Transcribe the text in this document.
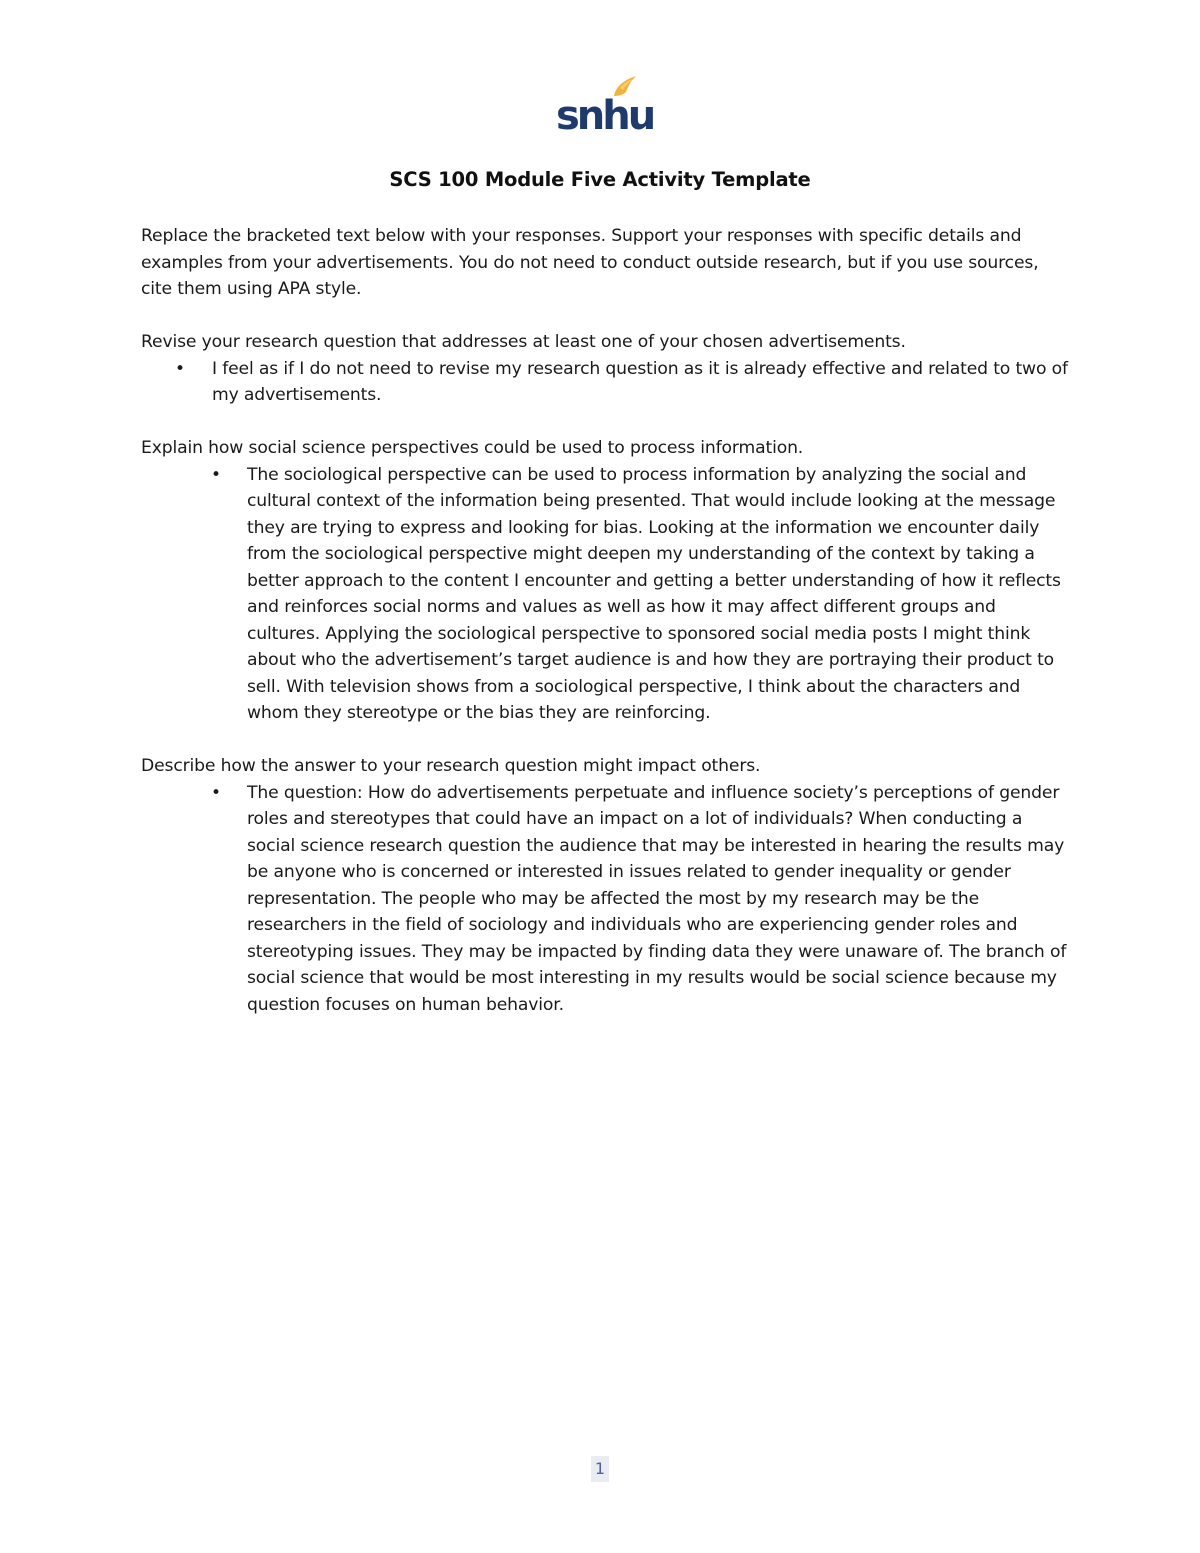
snhu
SCS 100 Module Five Activity Template

Replace the bracketed text below with your responses. Support your responses with specific details and examples from your advertisements. You do not need to conduct outside research, but if you use sources, cite them using APA style.

Revise your research question that addresses at least one of your chosen advertisements.

• I feel as if I do not need to revise my research question as it is already effective and related to two of my advertisements.

Explain how social science perspectives could be used to process information.

• The sociological perspective can be used to process information by analyzing the social and cultural context of the information being presented. That would include looking at the message they are trying to express and looking for bias. Looking at the information we encounter daily from the sociological perspective might deepen my understanding of the context by taking a better approach to the content I encounter and getting a better understanding of how it reflects and reinforces social norms and values as well as how it may affect different groups and cultures. Applying the sociological perspective to sponsored social media posts I might think about who the advertisement’s target audience is and how they are portraying their product to sell. With television shows from a sociological perspective, I think about the characters and whom they stereotype or the bias they are reinforcing.

Describe how the answer to your research question might impact others.

• The question: How do advertisements perpetuate and influence society’s perceptions of gender roles and stereotypes that could have an impact on a lot of individuals? When conducting a social science research question the audience that may be interested in hearing the results may be anyone who is concerned or interested in issues related to gender inequality or gender representation. The people who may be affected the most by my research may be the researchers in the field of sociology and individuals who are experiencing gender roles and stereotyping issues. They may be impacted by finding data they were unaware of. The branch of social science that would be most interesting in my results would be social science because my question focuses on human behavior.
1
